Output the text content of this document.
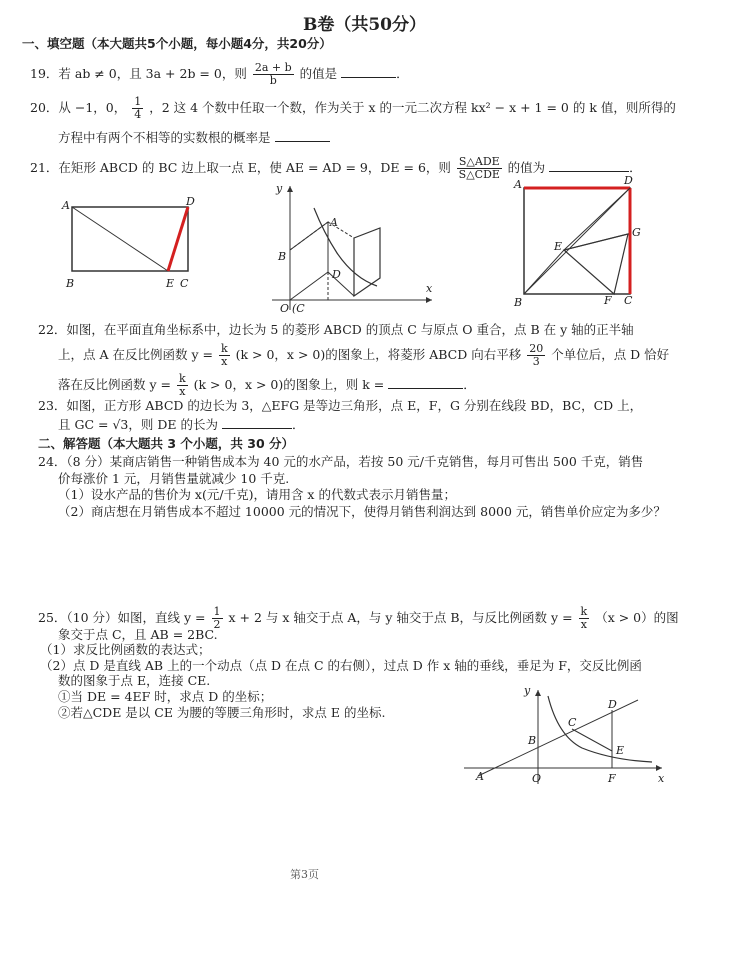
B卷（共50分）
一、填空题（本大题共5个小题，每小题4分，共20分）
19．若 ab ≠ 0，且 3a + 2b = 0，则 $\frac{2a + b}{b}$ 的值是	．
20．从 −1，0， $\frac{1}{4}$ ，2 这 4 个数中任取一个数，作为关于 x 的一元二次方程 kx² − x + 1 = 0 的 k 值，则所得的
方程中有两个不相等的实数根的概率是
21．在矩形 ABCD 的 BC 边上取一点 E，使 AE = AD = 9，DE = 6，则 $\frac{\text{S△ADE}}{\text{S△CDE}}$ 的值为	．
A	D
B	E C
y
x
A
B
D
O (C
A	D
B	F C
E
G
22．如图，在平面直角坐标系中，边长为 5 的菱形 ABCD 的顶点 C 与原点 O 重合，点 B 在 y 轴的正半轴
上，点 A 在反比例函数 $y = \frac{k}{x} (k > 0$，x > 0)的图象上，将菱形 ABCD 向右平移 $\frac{20}{3}$ 个单位后，点 D 恰好
落在反比例函数 $y = \frac{k}{x} (k > 0$，x > 0)的图象上，则 k =	．
23．如图，正方形 ABCD 的边长为 3，△EFG 是等边三角形，点 E，F，G 分别在线段 BD，BC，CD 上，
且 GC = √3，则 DE 的长为	．
二、解答题（本大题共 3 个小题，共 30 分）
24．（8 分）某商店销售一种销售成本为 40 元的水产品，若按 50 元/千克销售，每月可售出 500 千克，销售
价每涨价 1 元，月销售量就减少 10 千克.
（1）设水产品的售价为 x(元/千克)，请用含 x 的代数式表示月销售量；
（2）商店想在月销售成本不超过 10000 元的情况下，使得月销售利润达到 8000 元，销售单价应定为多少？
25．（10 分）如图，直线 $y = \frac{1}{2}$ x + 2 与 x 轴交于点 A，与 y 轴交于点 B，与反比例函数 $y = \frac{k}{x} (x > 0)$的图
象交于点 C，且 AB = 2BC.
（1）求反比例函数的表达式；
（2）点 D 是直线 AB 上的一个动点（点 D 在点 C 的右侧），过点 D 作 x 轴的垂线，垂足为 F，交反比例函
数的图象于点 E，连接 CE.
①当 DE = 4EF 时，求点 D 的坐标；
②若△CDE 是以 CE 为腰的等腰三角形时，求点 E 的坐标.
y
x
A
B
C
D
E
F
O
第3页
